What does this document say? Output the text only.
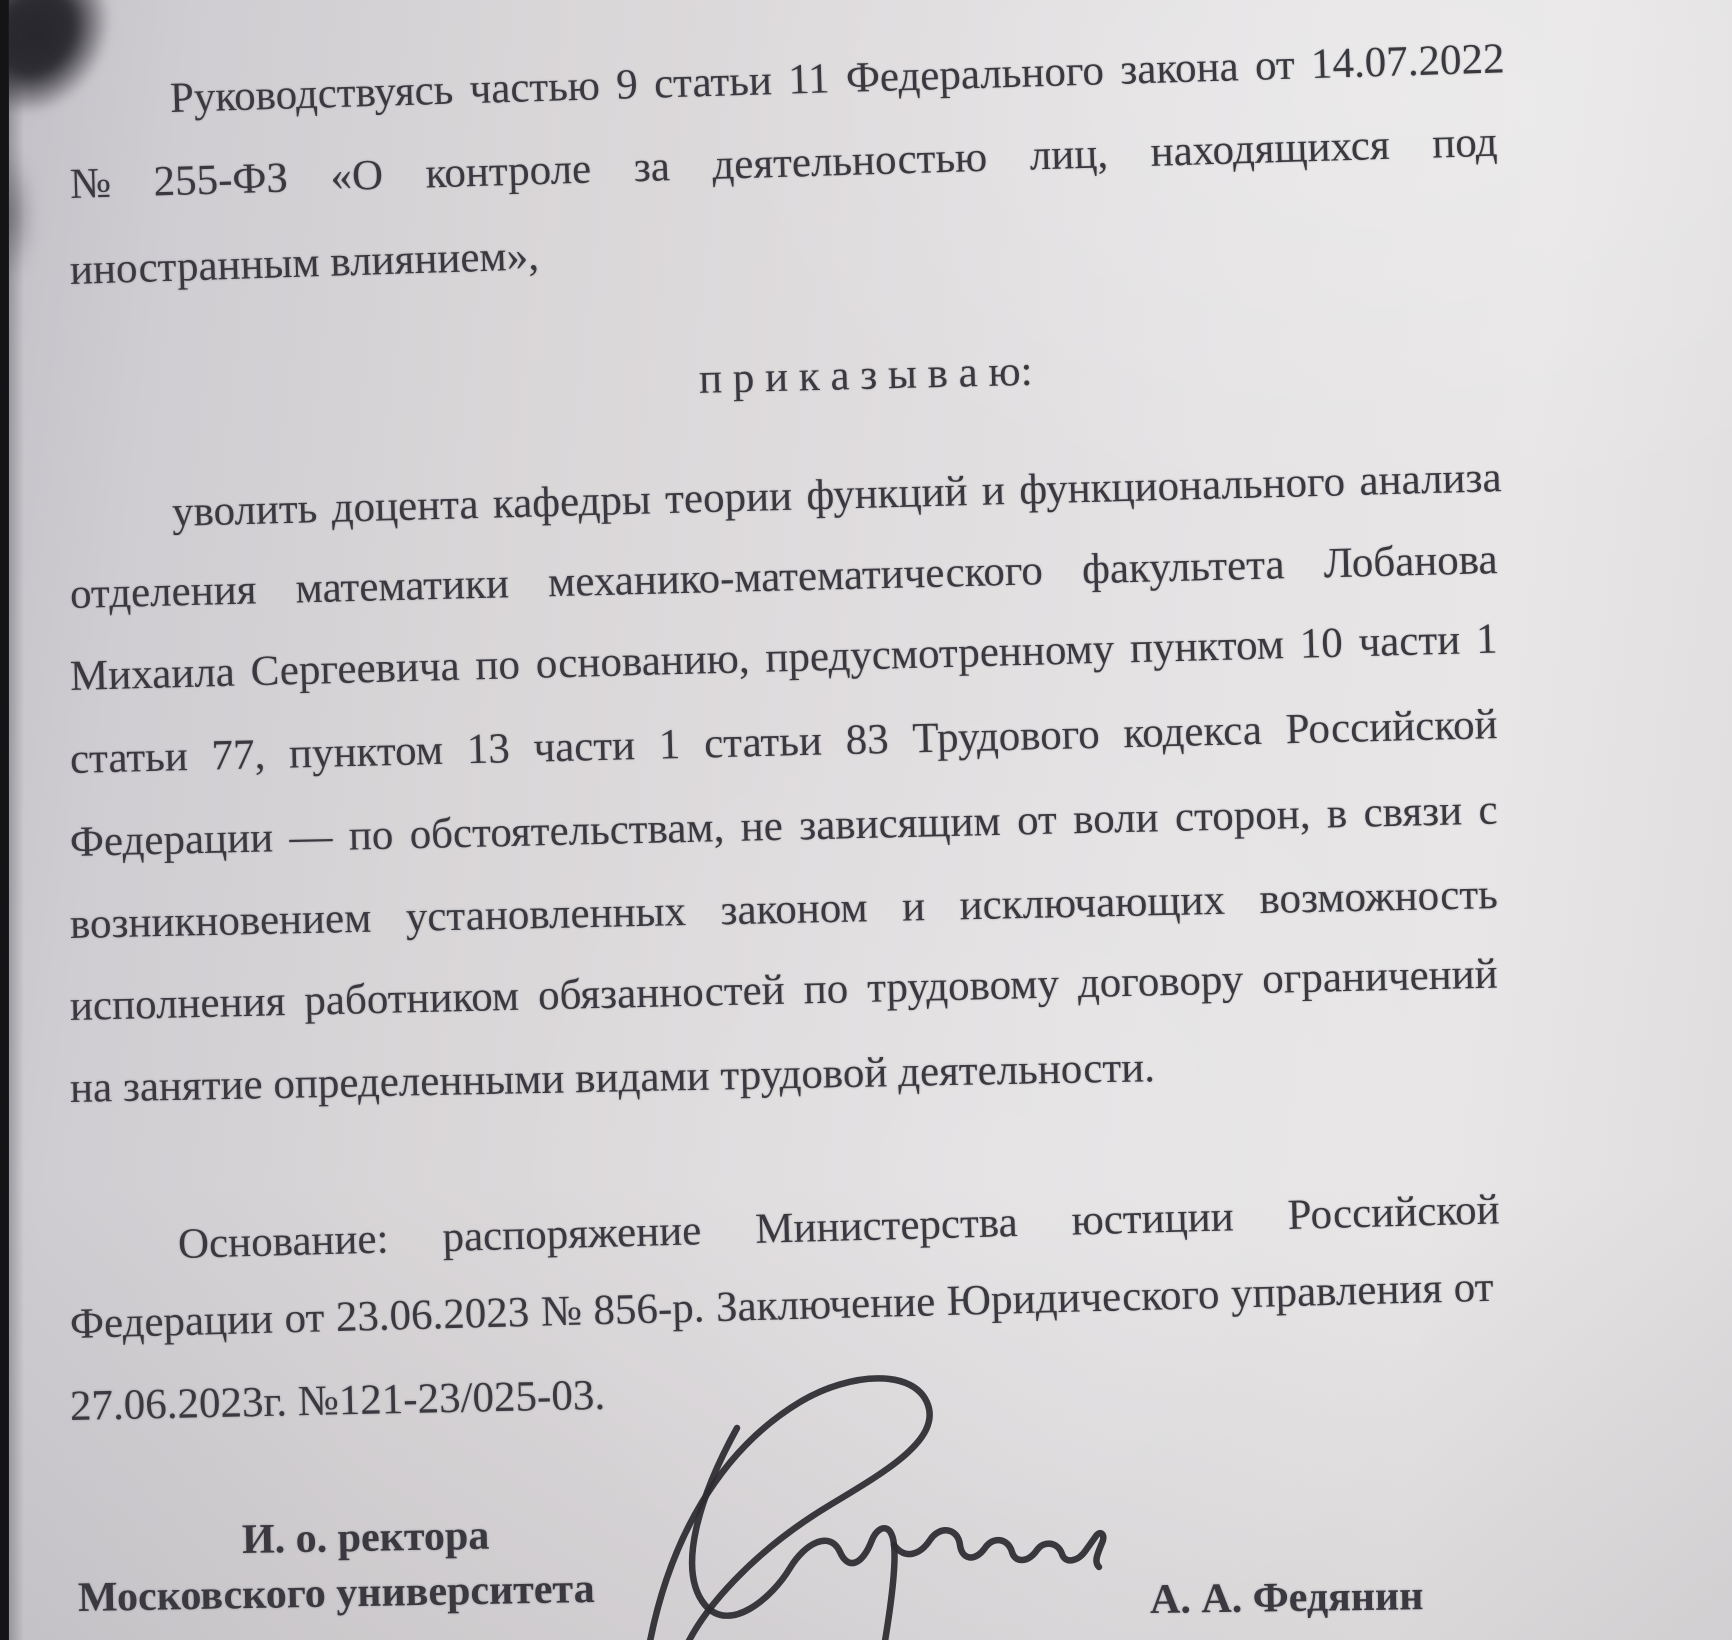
Руководствуясь частью 9 статьи 11 Федерального закона от 14.07.2022
№ 255-ФЗ «О контроле за деятельностью лиц, находящихся под
иностранным влиянием»,
п р и к а з ы в а ю:
уволить доцента кафедры теории функций и функционального анализа
отделения математики механико-математического факультета Лобанова
Михаила Сергеевича по основанию, предусмотренному пунктом 10 части 1
статьи 77, пунктом 13 части 1 статьи 83 Трудового кодекса Российской
Федерации — по обстоятельствам, не зависящим от воли сторон, в связи с
возникновением установленных законом и исключающих возможность
исполнения работником обязанностей по трудовому договору ограничений
на занятие определенными видами трудовой деятельности.
Основание: распоряжение Министерства юстиции Российской
Федерации от 23.06.2023 № 856-р. Заключение Юридического управления от
27.06.2023г. №121-23/025-03.
И. о. ректора
Московского университета	А. А. Федянин
